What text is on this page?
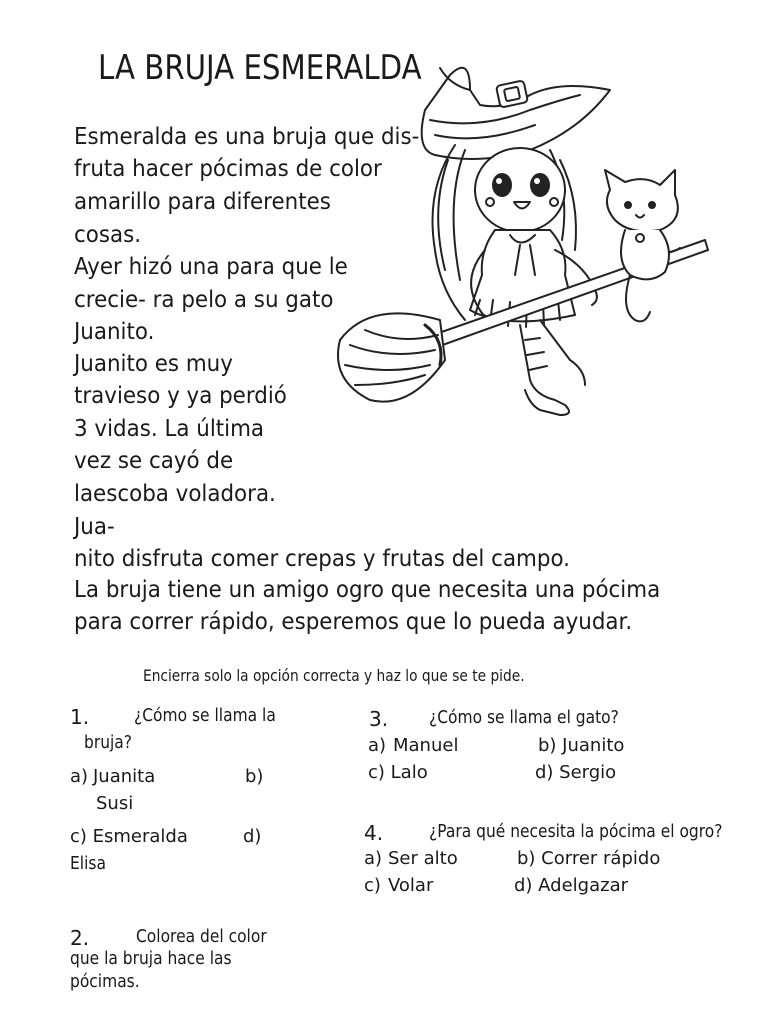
LA BRUJA ESMERALDA
Esmeralda es una bruja que dis-
fruta hacer pócimas de color
amarillo para diferentes
cosas.
Ayer hizó una para que le
crecie- ra pelo a su gato
Juanito.
Juanito es muy
travieso y ya perdió
3 vidas. La última
vez se cayó de
laescoba voladora.
Jua-
nito disfruta comer crepas y frutas del campo.
La bruja tiene un amigo ogro que necesita una pócima
para correr rápido, esperemos que lo pueda ayudar.
Encierra solo la opción correcta y haz lo que se te pide.
1. ¿Cómo se llama la
bruja?
a) Juanita	b)
Susi
c) Esmeralda	d)
Elisa
2.	Colorea del color
que la bruja hace las
pócimas.
3. ¿Cómo se llama el gato?
a) Manuel	b) Juanito
c) Lalo	d) Sergio
4.	¿Para qué necesita la pócima el ogro?
a) Ser alto	b) Correr rápido
c) Volar	d) Adelgazar
